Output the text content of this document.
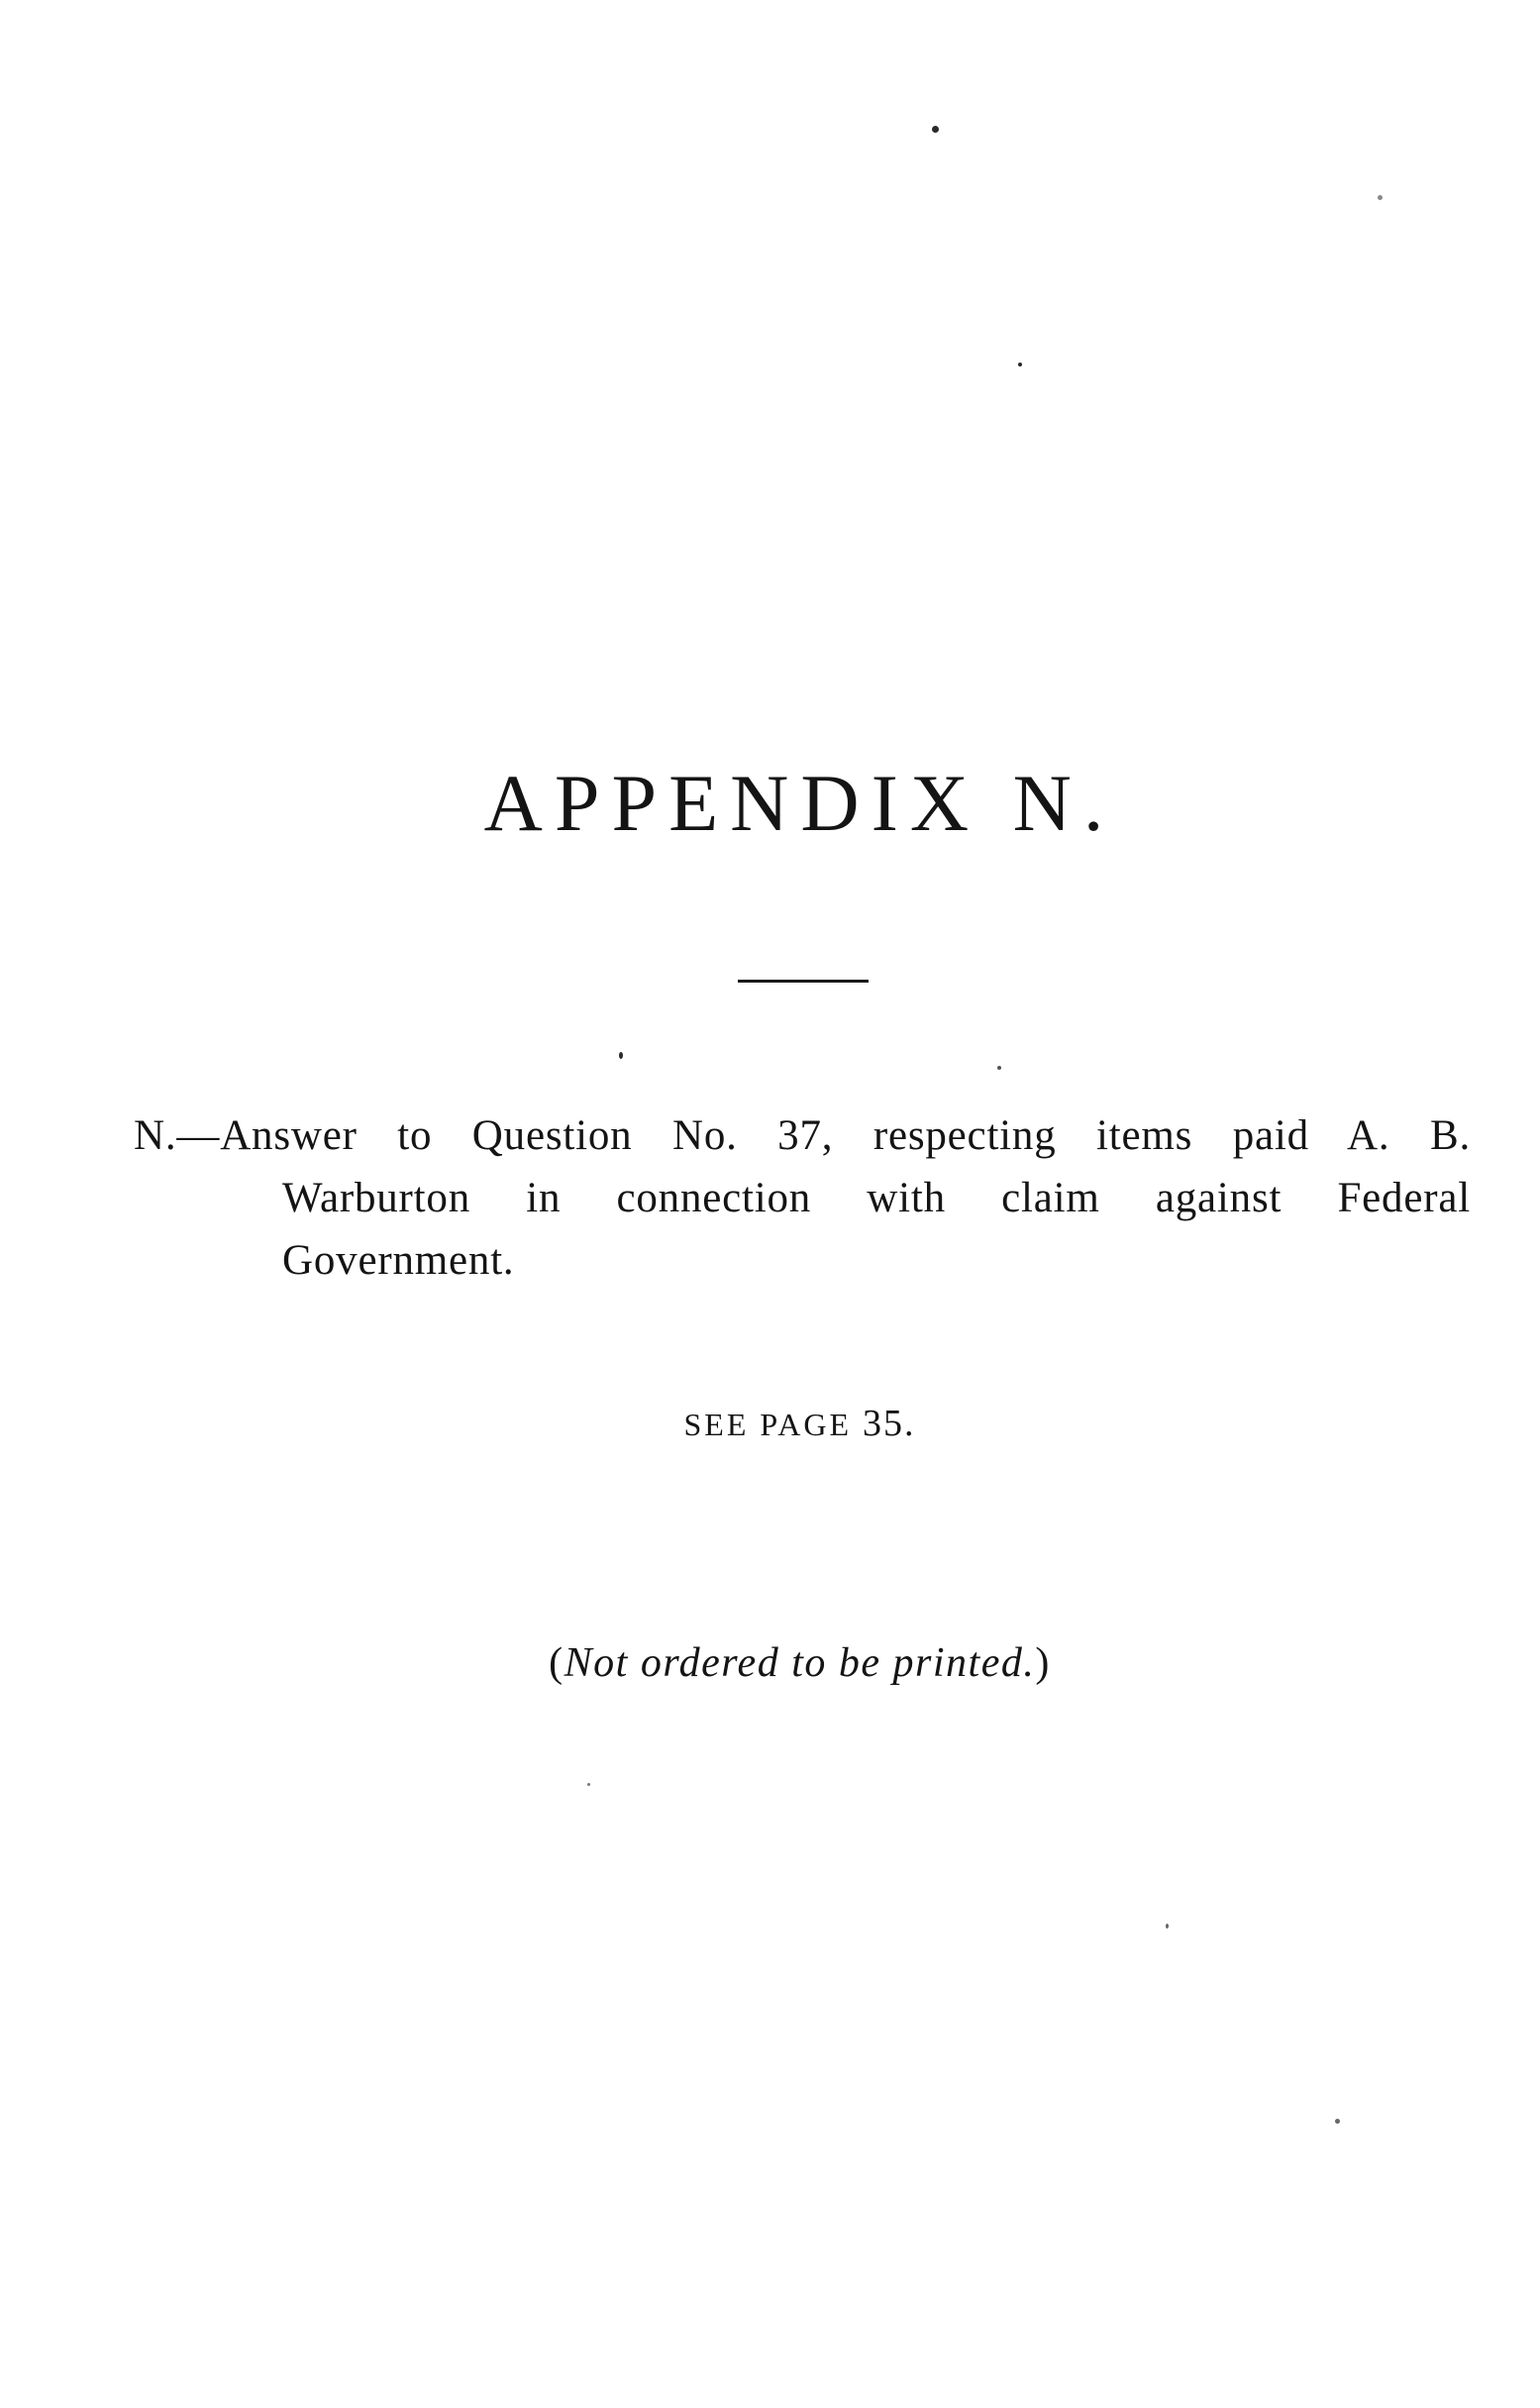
APPENDIX N.
N.—Answer to Question No. 37, respecting items paid A. B.
Warburton in connection with claim against Federal
Government.
SEE PAGE 35.
(Not ordered to be printed.)
